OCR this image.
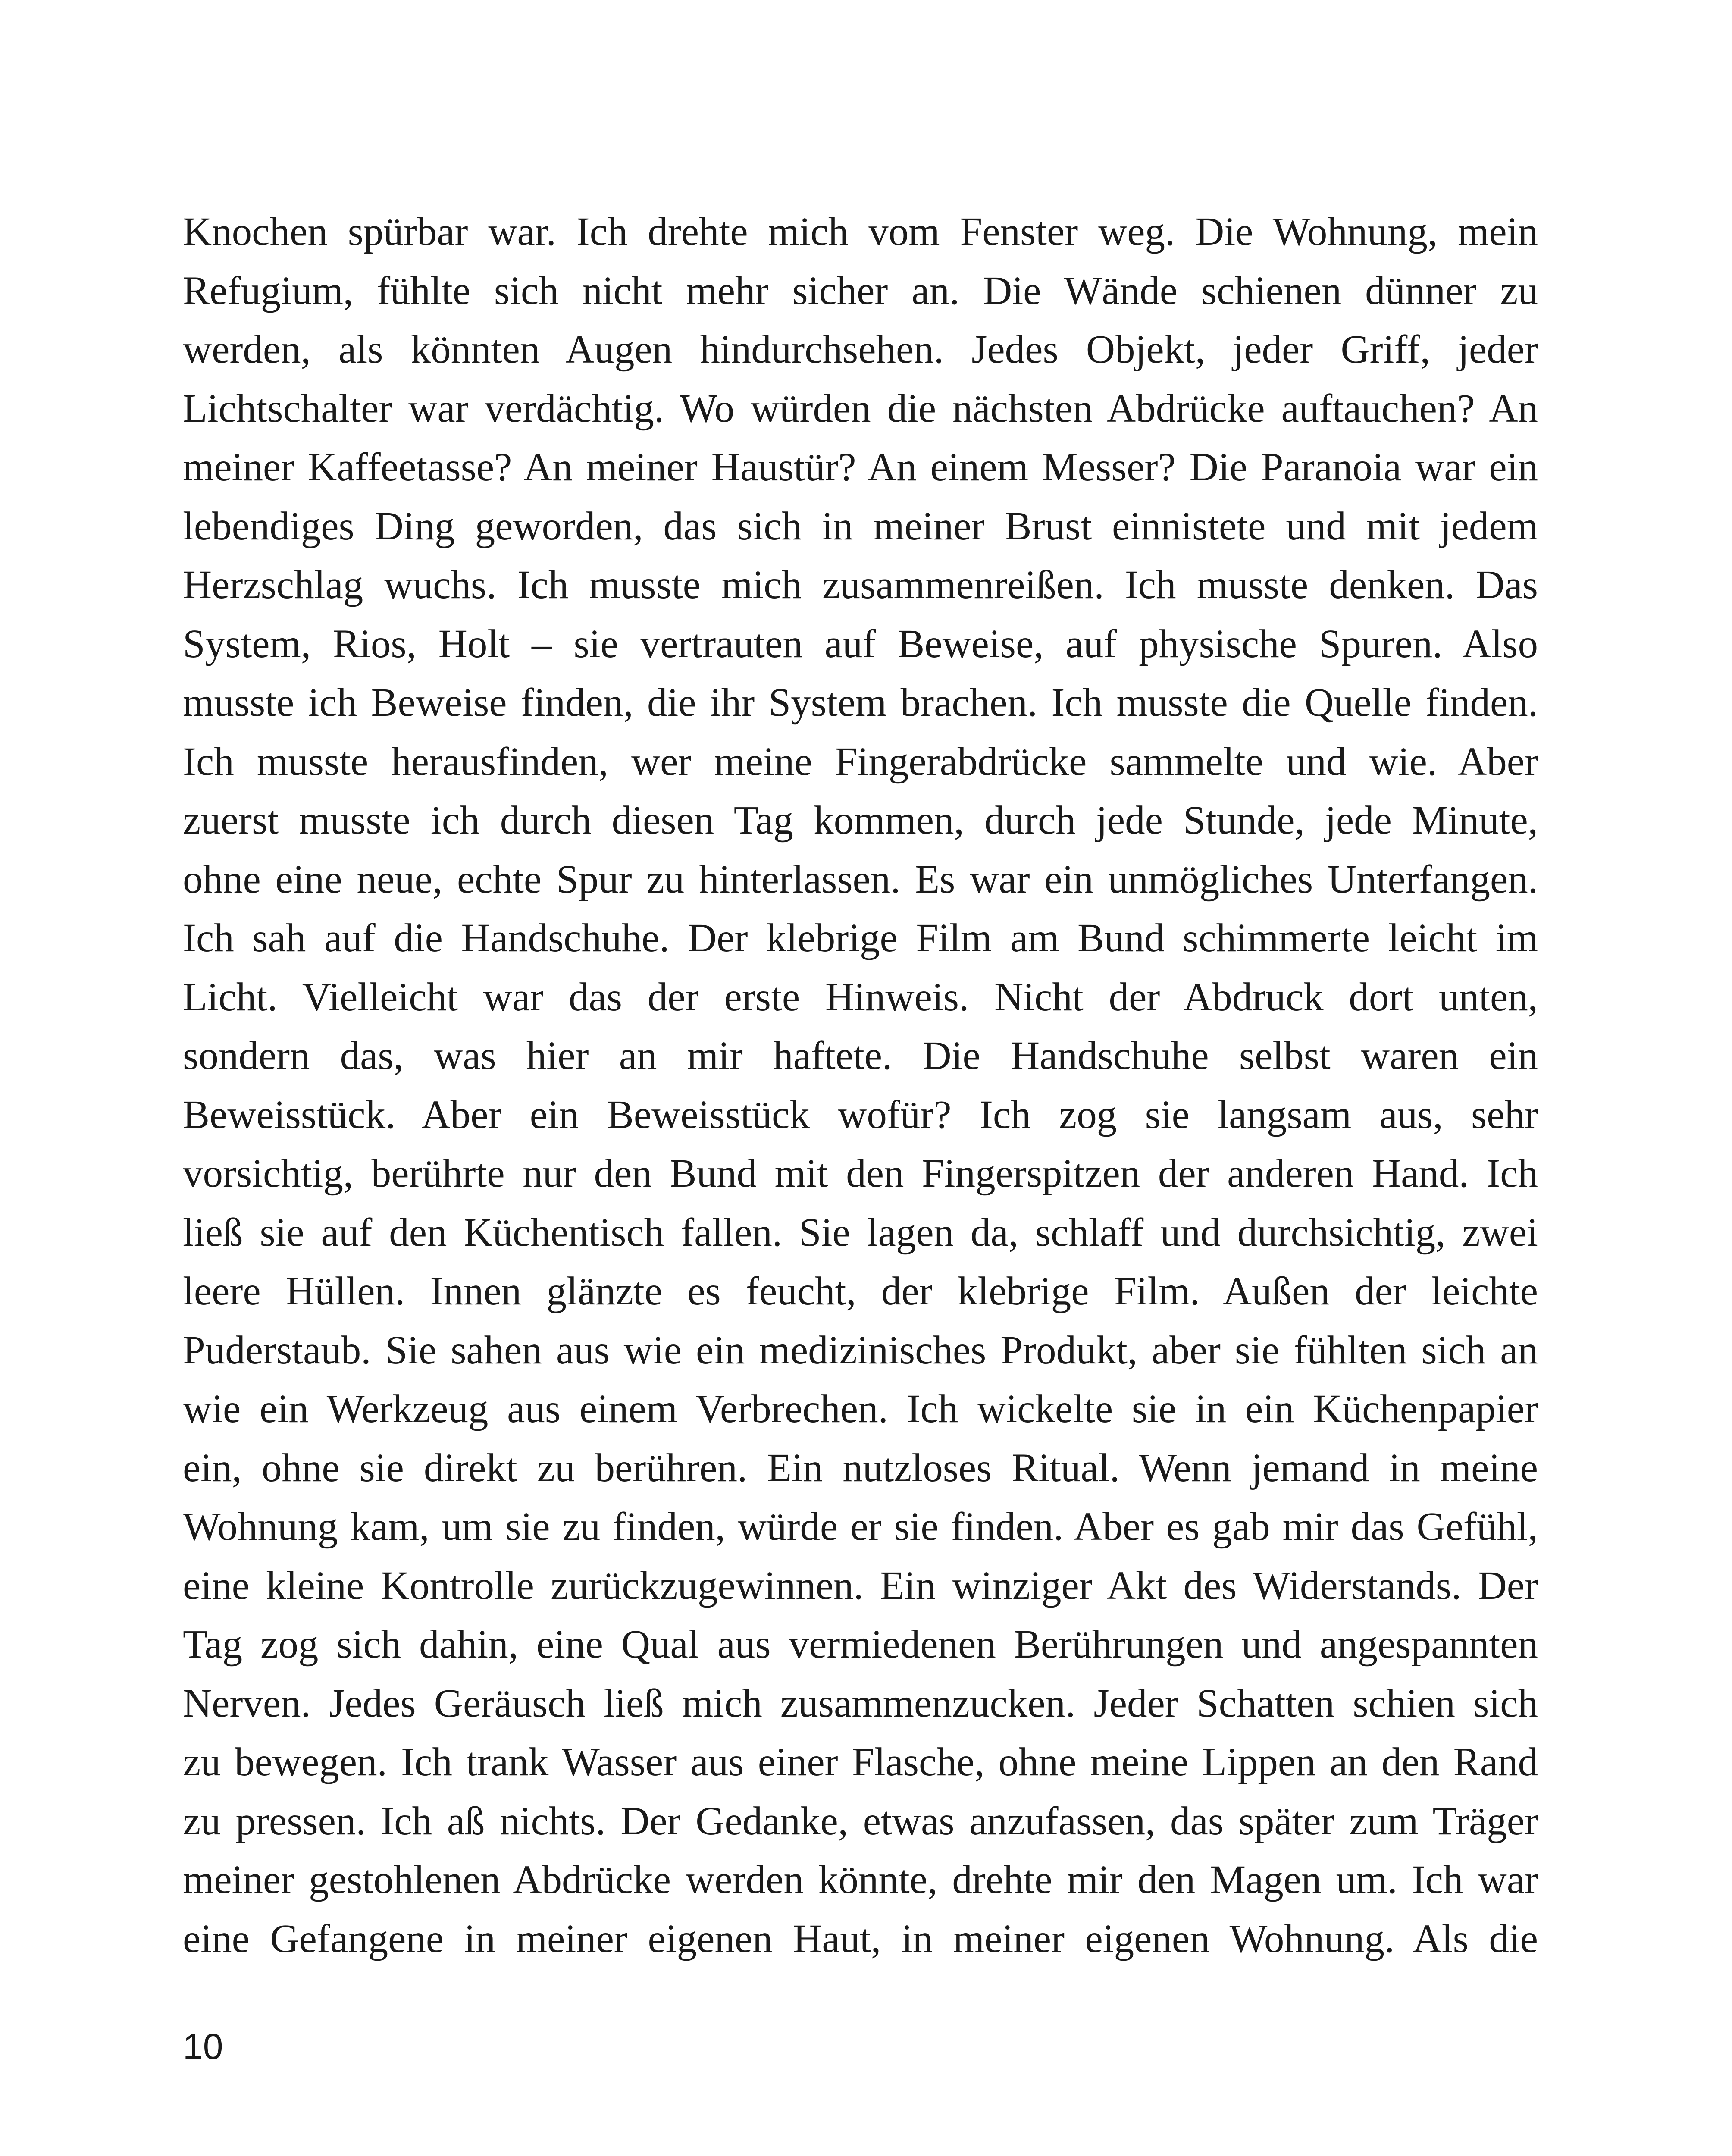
Knochen spürbar war. Ich drehte mich vom Fenster weg. Die Wohnung, mein
Refugium, fühlte sich nicht mehr sicher an. Die Wände schienen dünner zu
werden, als könnten Augen hindurchsehen. Jedes Objekt, jeder Griff, jeder
Lichtschalter war verdächtig. Wo würden die nächsten Abdrücke auftauchen? An
meiner Kaffeetasse? An meiner Haustür? An einem Messer? Die Paranoia war ein
lebendiges Ding geworden, das sich in meiner Brust einnistete und mit jedem
Herzschlag wuchs. Ich musste mich zusammenreißen. Ich musste denken. Das
System, Rios, Holt – sie vertrauten auf Beweise, auf physische Spuren. Also
musste ich Beweise finden, die ihr System brachen. Ich musste die Quelle finden.
Ich musste herausfinden, wer meine Fingerabdrücke sammelte und wie. Aber
zuerst musste ich durch diesen Tag kommen, durch jede Stunde, jede Minute,
ohne eine neue, echte Spur zu hinterlassen. Es war ein unmögliches Unterfangen.
Ich sah auf die Handschuhe. Der klebrige Film am Bund schimmerte leicht im
Licht. Vielleicht war das der erste Hinweis. Nicht der Abdruck dort unten,
sondern das, was hier an mir haftete. Die Handschuhe selbst waren ein
Beweisstück. Aber ein Beweisstück wofür? Ich zog sie langsam aus, sehr
vorsichtig, berührte nur den Bund mit den Fingerspitzen der anderen Hand. Ich
ließ sie auf den Küchentisch fallen. Sie lagen da, schlaff und durchsichtig, zwei
leere Hüllen. Innen glänzte es feucht, der klebrige Film. Außen der leichte
Puderstaub. Sie sahen aus wie ein medizinisches Produkt, aber sie fühlten sich an
wie ein Werkzeug aus einem Verbrechen. Ich wickelte sie in ein Küchenpapier
ein, ohne sie direkt zu berühren. Ein nutzloses Ritual. Wenn jemand in meine
Wohnung kam, um sie zu finden, würde er sie finden. Aber es gab mir das Gefühl,
eine kleine Kontrolle zurückzugewinnen. Ein winziger Akt des Widerstands. Der
Tag zog sich dahin, eine Qual aus vermiedenen Berührungen und angespannten
Nerven. Jedes Geräusch ließ mich zusammenzucken. Jeder Schatten schien sich
zu bewegen. Ich trank Wasser aus einer Flasche, ohne meine Lippen an den Rand
zu pressen. Ich aß nichts. Der Gedanke, etwas anzufassen, das später zum Träger
meiner gestohlenen Abdrücke werden könnte, drehte mir den Magen um. Ich war
eine Gefangene in meiner eigenen Haut, in meiner eigenen Wohnung. Als die
10
